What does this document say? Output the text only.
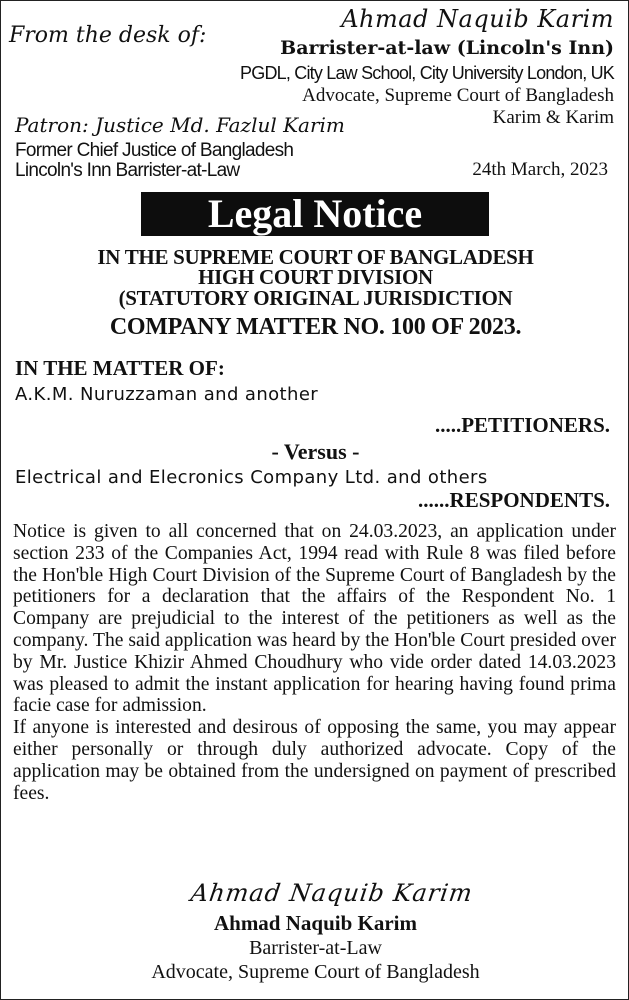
From the desk of:
Ahmad Naquib Karim
Barrister-at-law (Lincoln's Inn)
PGDL, City Law School, City University London, UK
Advocate, Supreme Court of Bangladesh
Karim & Karim
Patron: Justice Md. Fazlul Karim
Former Chief Justice of Bangladesh
Lincoln's Inn Barrister-at-Law	24th March, 2023
Legal Notice
IN THE SUPREME COURT OF BANGLADESH
HIGH COURT DIVISION
(STATUTORY ORIGINAL JURISDICTION
COMPANY MATTER NO. 100 OF 2023.
IN THE MATTER OF:
A.K.M. Nuruzzaman and another
.....PETITIONERS.
- Versus -
Electrical and Elecronics Company Ltd. and others
......RESPONDENTS.

Notice is given to all concerned that on 24.03.2023, an application under section 233 of the Companies Act, 1994 read with Rule 8 was filed before the Hon'ble High Court Division of the Supreme Court of Bangladesh by the petitioners for a declaration that the affairs of the Respondent No. 1 Company are prejudicial to the interest of the petitioners as well as the company. The said application was heard by the Hon'ble Court presided over by Mr. Justice Khizir Ahmed Choudhury who vide order dated 14.03.2023 was pleased to admit the instant application for hearing having found prima facie case for admission.

If anyone is interested and desirous of opposing the same, you may appear either personally or through duly authorized advocate. Copy of the application may be obtained from the undersigned on payment of prescribed fees.

Ahmad Naquib Karim
Ahmad Naquib Karim
Barrister-at-Law
Advocate, Supreme Court of Bangladesh
